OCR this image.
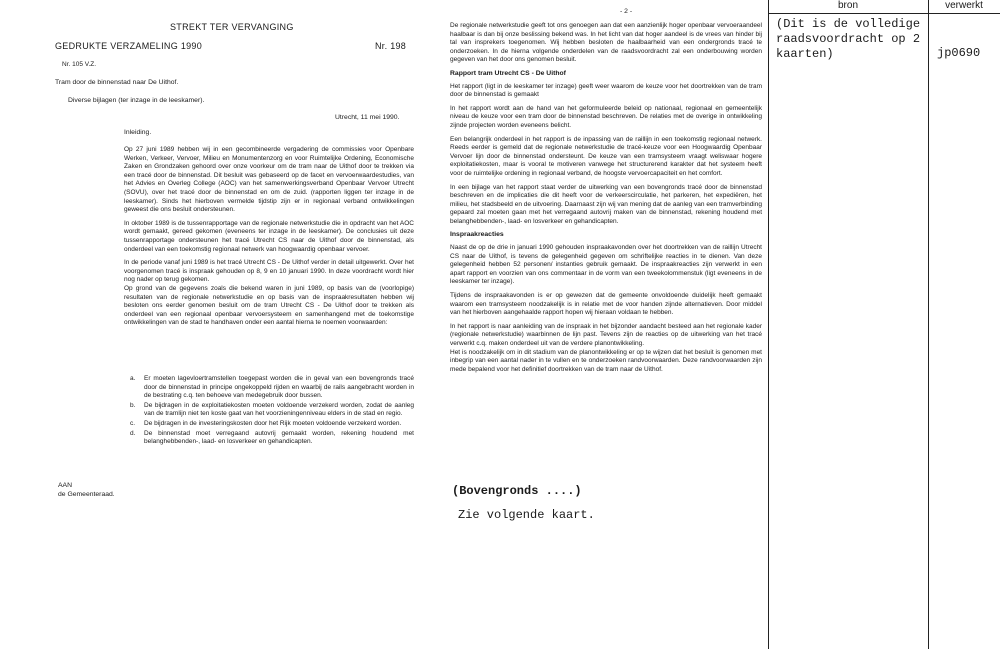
STREKT TER VERVANGING
GEDRUKTE VERZAMELING 1990	Nr. 198
Nr. 105 V.Z.
Tram door de binnenstad naar De Uithof.
Diverse bijlagen (ter inzage in de leeskamer).
Utrecht, 11 mei 1990.
Inleiding.

Op 27 juni 1989 hebben wij in een gecombineerde vergadering de commissies voor Openbare Werken, Verkeer, Vervoer, Milieu en Monumentenzorg en voor Ruimtelijke Ordening, Economische Zaken en Grondzaken gehoord over onze voorkeur om de tram naar de Uithof door te trekken via een tracé door de binnenstad. Dit besluit was gebaseerd op de facet en vervoerwaardestudies, van het Advies en Overleg College (AOC) van het samenwerkingsverband Openbaar Vervoer Utrecht (SOVU), over het tracé door de binnenstad en om de zuid. (rapporten liggen ter inzage in de leeskamer). Sinds het hierboven vermelde tijdstip zijn er in regionaal verband ontwikkelingen geweest die ons besluit ondersteunen.

In oktober 1989 is de tussenrapportage van de regionale netwerkstudie die in opdracht van het AOC wordt gemaakt, gereed gekomen (eveneens ter inzage in de leeskamer). De conclusies uit deze tussenrapportage ondersteunen het tracé Utrecht CS naar de Uithof door de binnenstad, als onderdeel van een toekomstig regionaal netwerk van hoogwaardig openbaar vervoer.

In de periode vanaf juni 1989 is het tracé Utrecht CS - De Uithof verder in detail uitgewerkt. Over het voorgenomen tracé is inspraak gehouden op 8, 9 en 10 januari 1990. In deze voordracht wordt hier nog nader op terug gekomen.

Op grond van de gegevens zoals die bekend waren in juni 1989, op basis van de (voorlopige) resultaten van de regionale netwerkstudie en op basis van de inspraakresultaten hebben wij besloten ons eerder genomen besluit om de tram Utrecht CS - De Uithof door te trekken als onderdeel van een regionaal openbaar vervoersysteem en samenhangend met de toekomstige ontwikkelingen van de stad te handhaven onder een aantal hierna te noemen voorwaarden:

a.	Er moeten lagevloertramstellen toegepast worden die in geval van een bovengronds tracé door de binnenstad in principe ongekoppeld rijden en waarbij de rails aangebracht worden in de bestrating c.q. ten behoeve van medegebruik door bussen.
b.	De bijdragen in de exploitatiekosten moeten voldoende verzekerd worden, zodat de aanleg van de tramlijn niet ten koste gaat van het voorzieningenniveau elders in de stad en regio.
c.	De bijdragen in de investeringskosten door het Rijk moeten voldoende verzekerd worden.
d.	De binnenstad moet verregaand autovrij gemaakt worden, rekening houdend met belanghebbenden-, laad- en losverkeer en gehandicapten.
AAN
de Gemeenteraad.
- 2 -

De regionale netwerkstudie geeft tot ons genoegen aan dat een aanzienlijk hoger openbaar vervoeraandeel haalbaar is dan bij onze beslissing bekend was. In het licht van dat hoger aandeel is de vrees van hinder bij tal van insprekers toegenomen. Wij hebben besloten de haalbaarheid van een ondergronds tracé te onderzoeken. In de hierna volgende onderdelen van de raadsvoordracht zal een onderbouwing worden gegeven van het door ons genomen besluit.

Rapport tram Utrecht CS - De Uithof

Het rapport (ligt in de leeskamer ter inzage) geeft weer waarom de keuze voor het doortrekken van de tram door de binnenstad is gemaakt

In het rapport wordt aan de hand van het geformuleerde beleid op nationaal, regionaal en gemeentelijk niveau de keuze voor een tram door de binnenstad beschreven. De relaties met de overige in ontwikkeling zijnde projecten worden eveneens belicht.

Een belangrijk onderdeel in het rapport is de inpassing van de raillijn in een toekomstig regionaal netwerk. Reeds eerder is gemeld dat de regionale netwerkstudie de tracé-keuze voor een Hoogwaardig Openbaar Vervoer lijn door de binnenstad ondersteunt. De keuze van een tramsysteem vraagt weliswaar hogere exploitatiekosten, maar is vooral te motiveren vanwege het structurerend karakter dat het systeem heeft voor de ruimtelijke ordening in regionaal verband, de hoogste vervoercapaciteit en het comfort.

In een bijlage van het rapport staat verder de uitwerking van een bovengronds tracé door de binnenstad beschreven en de implicaties die dit heeft voor de verkeerscirculatie, het parkeren, het expediëren, het milieu, het stadsbeeld en de uitvoering. Daarnaast zijn wij van mening dat de aanleg van een tramverbinding gepaard zal moeten gaan met het verregaand autovrij maken van de binnenstad, rekening houdend met belanghebbenden-, laad- en losverkeer en gehandicapten.

Inspraakreacties

Naast de op de drie in januari 1990 gehouden inspraakavonden over het doortrekken van de raillijn Utrecht CS naar de Uithof, is tevens de gelegenheid gegeven om schriftelijke reacties in te dienen. Van deze gelegenheid hebben 52 personen/ instanties gebruik gemaakt. De inspraakreacties zijn verwerkt in een apart rapport en voorzien van ons commentaar in de vorm van een tweekolommenstuk (ligt eveneens in de leeskamer ter inzage).

Tijdens de inspraakavonden is er op gewezen dat de gemeente onvoldoende duidelijk heeft gemaakt waarom een tramsysteem noodzakelijk is in relatie met de voor handen zijnde alternatieven. Door middel van het hierboven aangehaalde rapport hopen wij hieraan voldaan te hebben.

In het rapport is naar aanleiding van de inspraak in het bijzonder aandacht besteed aan het regionale kader (regionale netwerkstudie) waarbinnen de lijn past. Tevens zijn de reacties op de uitwerking van het tracé verwerkt c.q. maken onderdeel uit van de verdere planontwikkeling.

Het is noodzakelijk om in dit stadium van de planontwikkeling er op te wijzen dat het besluit is genomen met inbegrip van een aantal nader in te vullen en te onderzoeken randvoorwaarden. Deze randvoorwaarden zijn mede bepalend voor het definitief doortrekken van de tram naar de Uithof.

(Bovengronds ....)
Zie volgende kaart.
bron	verwerkt
(Dit is de volledige raadsvoordracht op 2 kaarten)	jp0690
